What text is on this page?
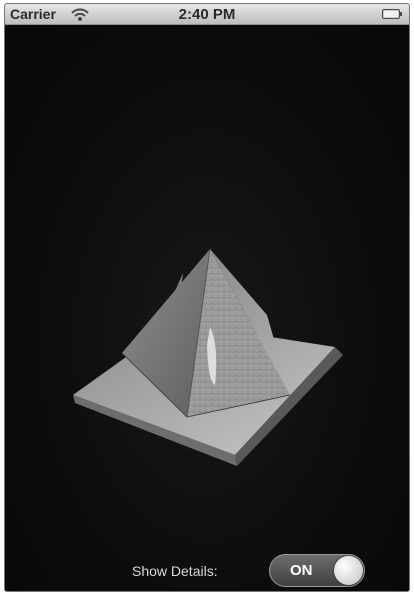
Carrier	2:40 PM
Show Details:	ON
